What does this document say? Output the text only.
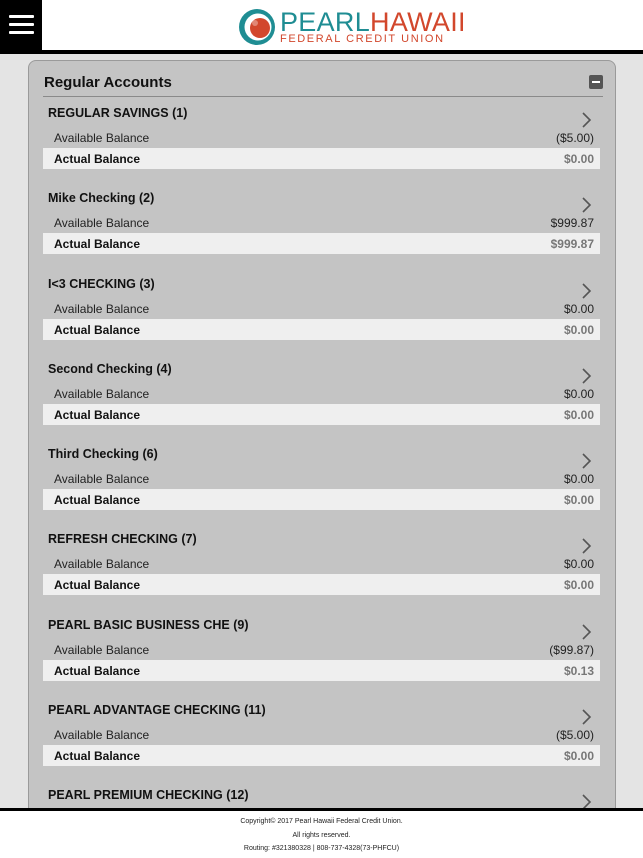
PEARLHAWAII
FEDERAL CREDIT UNION
Regular Accounts
REGULAR SAVINGS (1)
Available Balance	($5.00)
Actual Balance	$0.00
Mike Checking (2)
Available Balance	$999.87
Actual Balance	$999.87
I<3 CHECKING (3)
Available Balance	$0.00
Actual Balance	$0.00
Second Checking (4)
Available Balance	$0.00
Actual Balance	$0.00
Third Checking (6)
Available Balance	$0.00
Actual Balance	$0.00
REFRESH CHECKING (7)
Available Balance	$0.00
Actual Balance	$0.00
PEARL BASIC BUSINESS CHE (9)
Available Balance	($99.87)
Actual Balance	$0.13
PEARL ADVANTAGE CHECKING (11)
Available Balance	($5.00)
Actual Balance	$0.00
PEARL PREMIUM CHECKING (12)
Copyright© 2017 Pearl Hawaii Federal Credit Union.
All rights reserved.
Routing: #321380328 | 808-737-4328(73-PHFCU)
